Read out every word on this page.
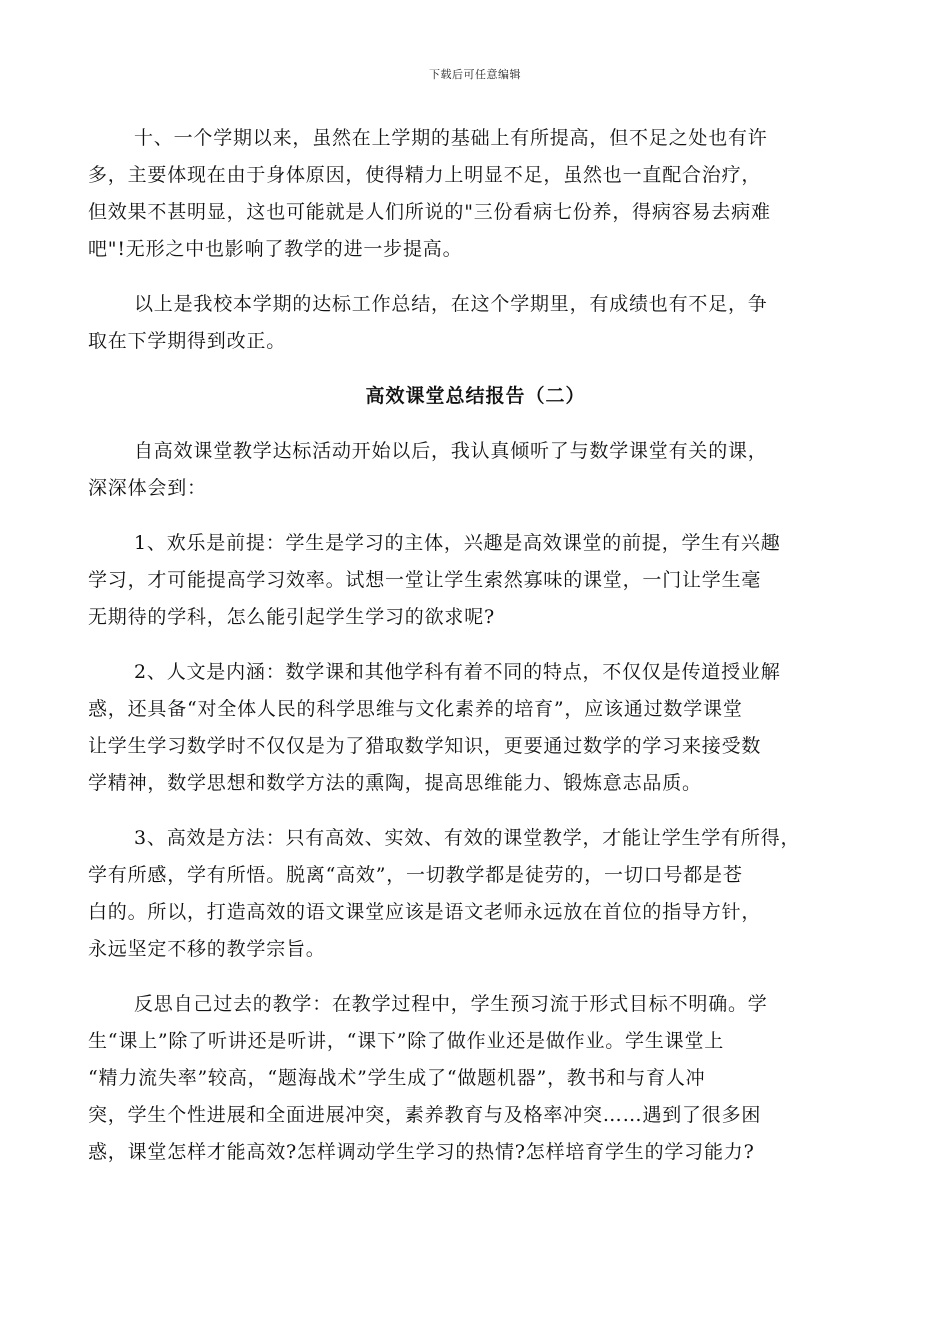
下载后可任意编辑

十、一个学期以来，虽然在上学期的基础上有所提高，但不足之处也有许
多，主要体现在由于身体原因，使得精力上明显不足，虽然也一直配合治疗，
但效果不甚明显，这也可能就是人们所说的"三份看病七份养，得病容易去病难
吧"!无形之中也影响了教学的进一步提高。

以上是我校本学期的达标工作总结，在这个学期里，有成绩也有不足，争
取在下学期得到改正。

高效课堂总结报告（二）

自高效课堂教学达标活动开始以后，我认真倾听了与数学课堂有关的课，
深深体会到：

1、欢乐是前提：学生是学习的主体，兴趣是高效课堂的前提，学生有兴趣
学习，才可能提高学习效率。试想一堂让学生索然寡味的课堂，一门让学生毫
无期待的学科，怎么能引起学生学习的欲求呢?

2、人文是内涵：数学课和其他学科有着不同的特点，不仅仅是传道授业解
惑，还具备“对全体人民的科学思维与文化素养的培育”，应该通过数学课堂
让学生学习数学时不仅仅是为了猎取数学知识，更要通过数学的学习来接受数
学精神，数学思想和数学方法的熏陶，提高思维能力、锻炼意志品质。

3、高效是方法：只有高效、实效、有效的课堂教学，才能让学生学有所得，
学有所感，学有所悟。脱离“高效”，一切教学都是徒劳的，一切口号都是苍
白的。所以，打造高效的语文课堂应该是语文老师永远放在首位的指导方针，
永远坚定不移的教学宗旨。

反思自己过去的教学：在教学过程中，学生预习流于形式目标不明确。学
生“课上”除了听讲还是听讲，“课下”除了做作业还是做作业。学生课堂上
“精力流失率”较高，“题海战术”学生成了“做题机器”，教书和与育人冲
突，学生个性进展和全面进展冲突，素养教育与及格率冲突……遇到了很多困
惑，课堂怎样才能高效?怎样调动学生学习的热情?怎样培育学生的学习能力?
